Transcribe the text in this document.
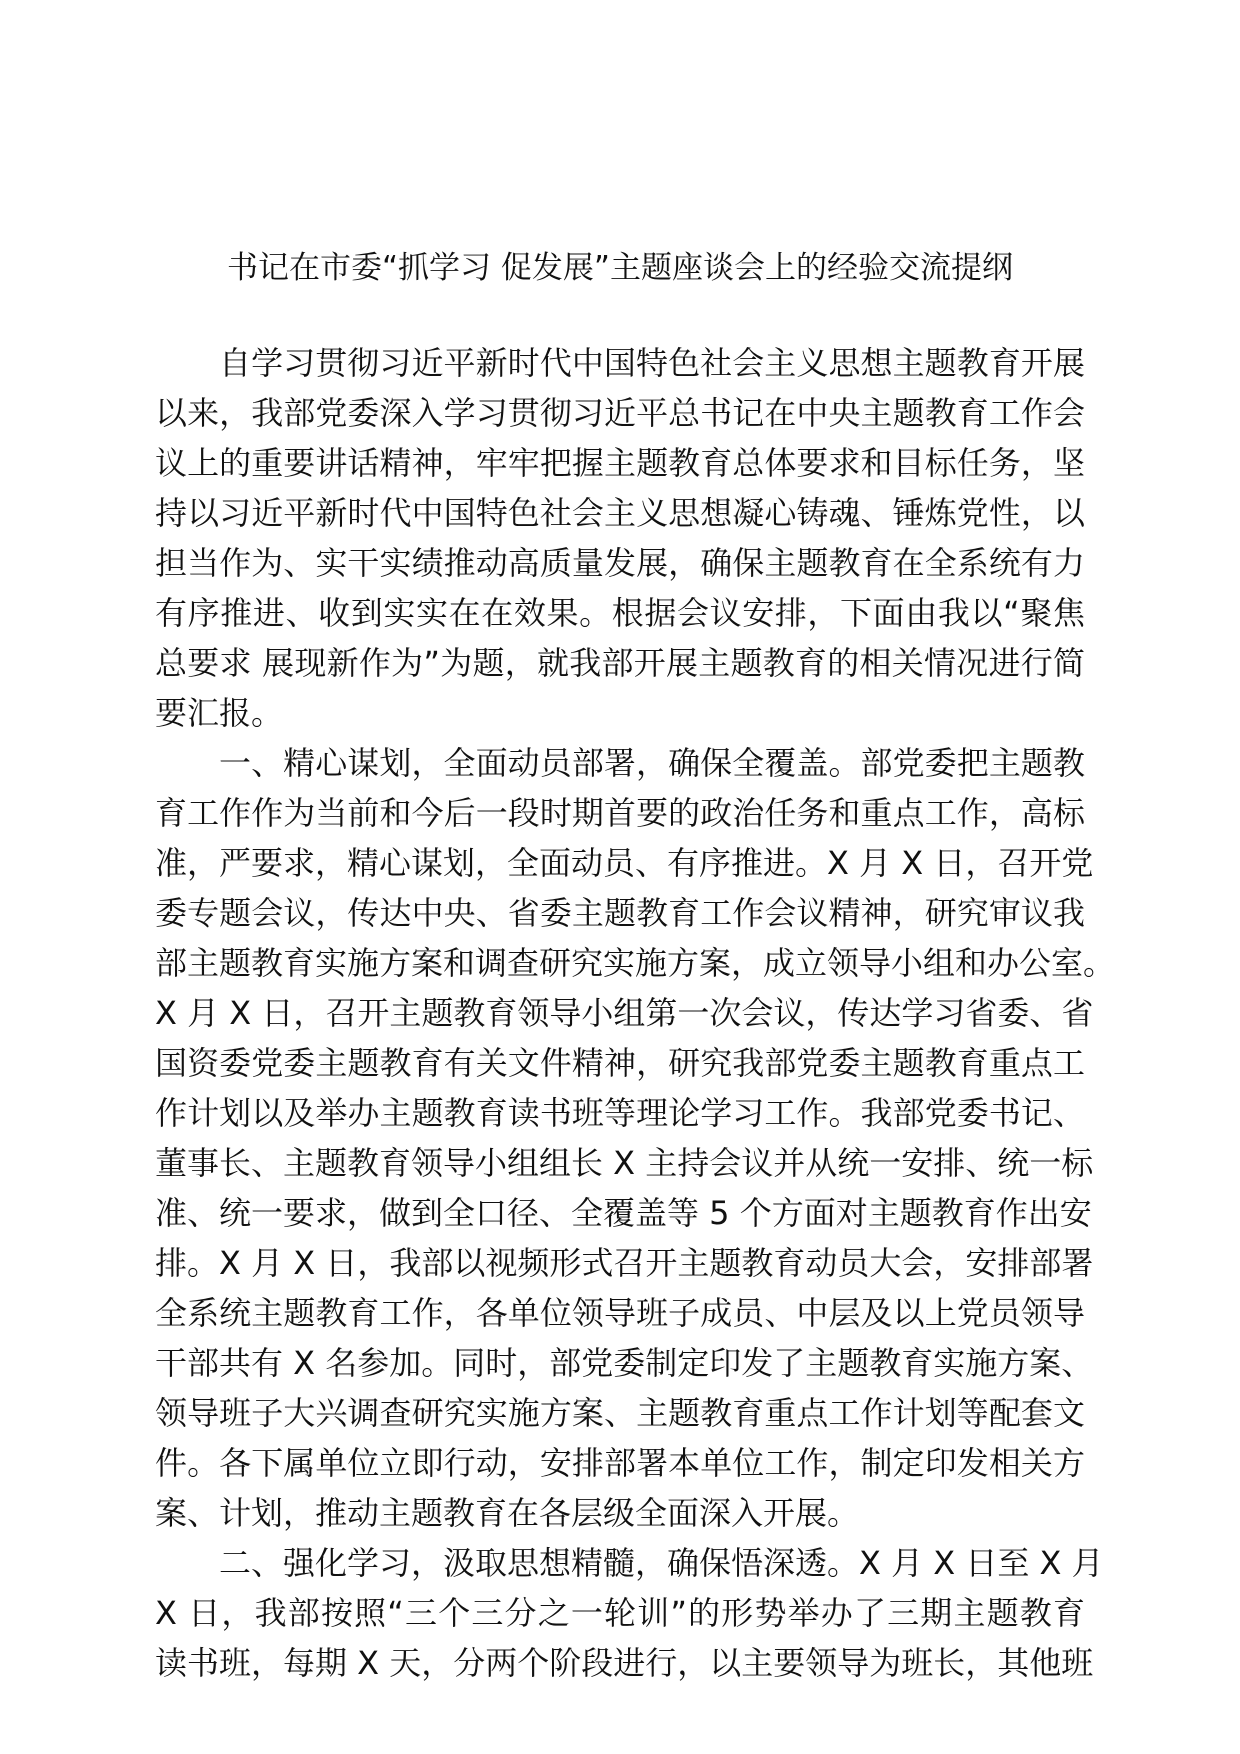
书记在市委“抓学习 促发展”主题座谈会上的经验交流提纲
自学习贯彻习近平新时代中国特色社会主义思想主题教育开展
以来，我部党委深入学习贯彻习近平总书记在中央主题教育工作会
议上的重要讲话精神，牢牢把握主题教育总体要求和目标任务，坚
持以习近平新时代中国特色社会主义思想凝心铸魂、锤炼党性，以
担当作为、实干实绩推动高质量发展，确保主题教育在全系统有力
有序推进、收到实实在在效果。根据会议安排，下面由我以“聚焦
总要求 展现新作为”为题，就我部开展主题教育的相关情况进行简
要汇报。
一、精心谋划，全面动员部署，确保全覆盖。部党委把主题教
育工作作为当前和今后一段时期首要的政治任务和重点工作，高标
准，严要求，精心谋划，全面动员、有序推进。X 月 X 日，召开党
委专题会议，传达中央、省委主题教育工作会议精神，研究审议我
部主题教育实施方案和调查研究实施方案，成立领导小组和办公室。
X 月 X 日，召开主题教育领导小组第一次会议，传达学习省委、省
国资委党委主题教育有关文件精神，研究我部党委主题教育重点工
作计划以及举办主题教育读书班等理论学习工作。我部党委书记、
董事长、主题教育领导小组组长 X 主持会议并从统一安排、统一标
准、统一要求，做到全口径、全覆盖等 5 个方面对主题教育作出安
排。X 月 X 日，我部以视频形式召开主题教育动员大会，安排部署
全系统主题教育工作，各单位领导班子成员、中层及以上党员领导
干部共有 X 名参加。同时，部党委制定印发了主题教育实施方案、
领导班子大兴调查研究实施方案、主题教育重点工作计划等配套文
件。各下属单位立即行动，安排部署本单位工作，制定印发相关方
案、计划，推动主题教育在各层级全面深入开展。
二、强化学习，汲取思想精髓，确保悟深透。X 月 X 日至 X 月
X 日，我部按照“三个三分之一轮训”的形势举办了三期主题教育
读书班，每期 X 天，分两个阶段进行，以主要领导为班长，其他班
